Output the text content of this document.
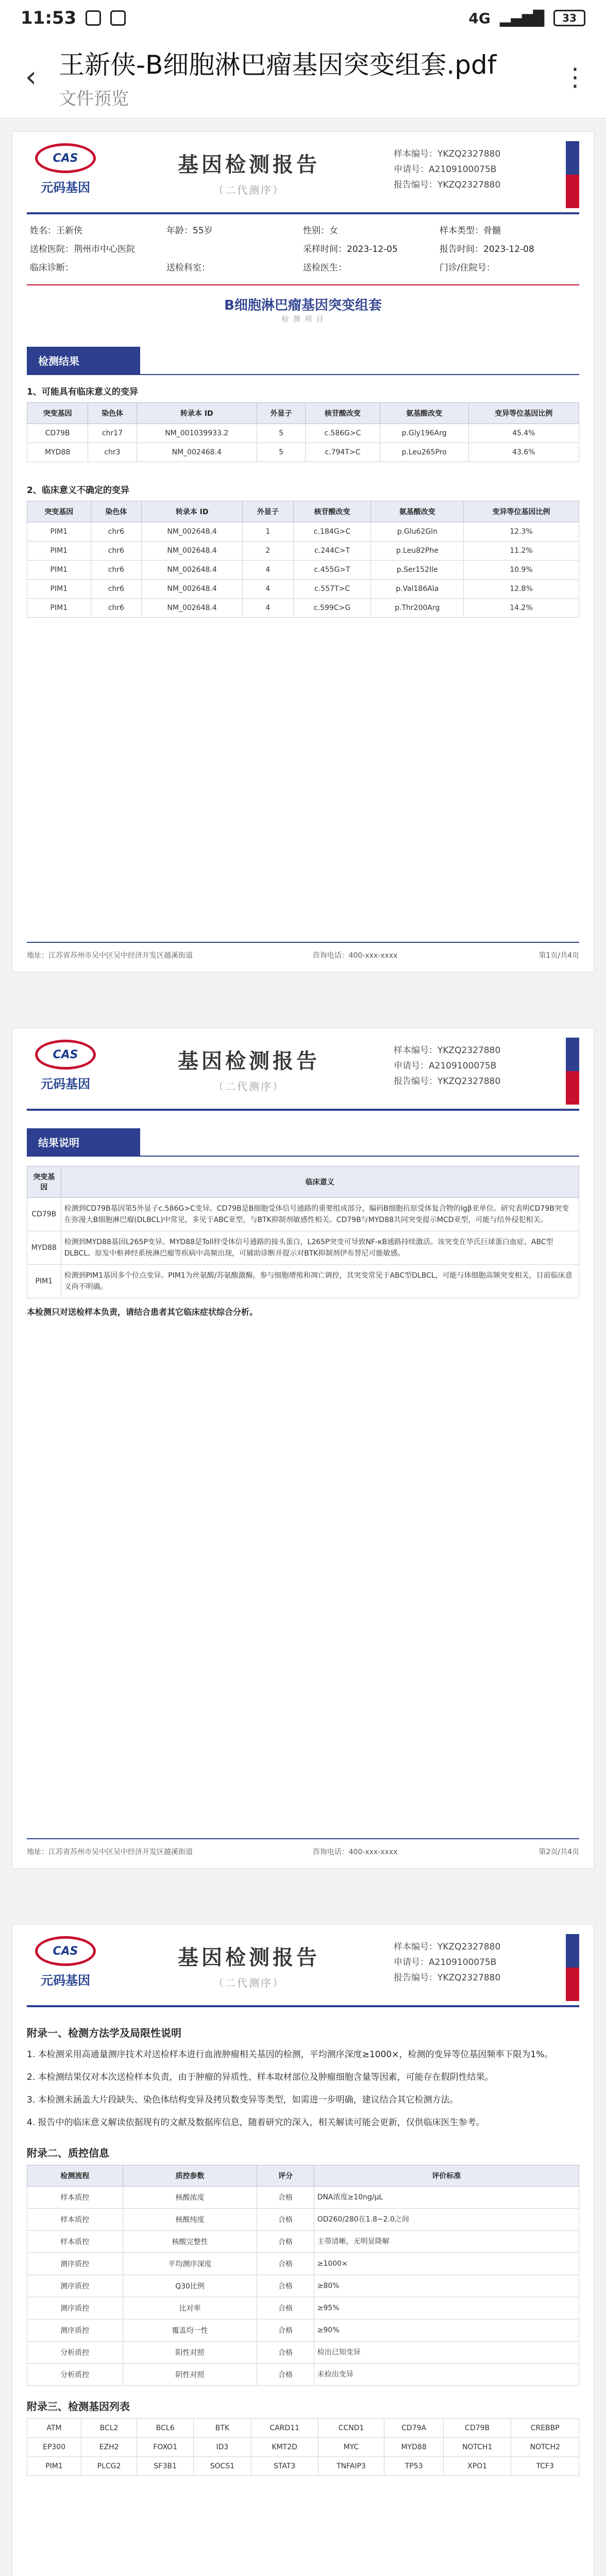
11:53	4G ▂▄▆█ 33
‹ 王新侠-B细胞淋巴瘤基因突变组套.pdf
文件预览
⋮
CAS
元码基因
基因检测报告
（二代测序）
样本编号：YKZQ2327880
申请号：A2109100075B
报告编号：YKZQ2327880
姓名：王新侠	年龄：55岁	性别：女	样本类型：骨髓
送检医院：荆州市中心医院	采样时间：2023-12-05	报告时间：2023-12-08
临床诊断：	送检科室：	送检医生：	门诊/住院号：
B细胞淋巴瘤基因突变组套
检 测 项 目
检测结果
1、可能具有临床意义的变异
突变基因	染色体	转录本 ID	外显子	核苷酸改变	氨基酸改变	变异等位基因比例
CD79B	chr17	NM_001039933.2	5	c.586G>C	p.Gly196Arg	45.4%
MYD88	chr3	NM_002468.4	5	c.794T>C	p.Leu265Pro	43.6%
2、临床意义不确定的变异
突变基因	染色体	转录本 ID	外显子	核苷酸改变	氨基酸改变	变异等位基因比例
PIM1	chr6	NM_002648.4	1	c.184G>C	p.Glu62Gln	12.3%
PIM1	chr6	NM_002648.4	2	c.244C>T	p.Leu82Phe	11.2%
PIM1	chr6	NM_002648.4	4	c.455G>T	p.Ser152Ile	10.9%
PIM1	chr6	NM_002648.4	4	c.557T>C	p.Val186Ala	12.8%
PIM1	chr6	NM_002648.4	4	c.599C>G	p.Thr200Arg	14.2%
地址：江苏省苏州市吴中区吴中经济开发区越溪街道	咨询电话：400-xxx-xxxx	第1页/共4页
CAS
元码基因
基因检测报告
（二代测序）
样本编号：YKZQ2327880
申请号：A2109100075B
报告编号：YKZQ2327880
结果说明
突变基因	临床意义
CD79B	检测到CD79B基因第5外显子c.586G>C变异。CD79B是B细胞受体信号通路的重要组成部分，编码B细胞抗原受体复合物的Igβ亚单位。研究表明CD79B突变在弥漫大B细胞淋巴瘤(DLBCL)中常见，多见于ABC亚型，与BTK抑制剂敏感性相关。CD79B与MYD88共同突变提示MCD亚型，可能与结外侵犯相关。
MYD88	检测到MYD88基因L265P变异。MYD88是Toll样受体信号通路的接头蛋白，L265P突变可导致NF-κB通路持续激活。该突变在华氏巨球蛋白血症、ABC型DLBCL、原发中枢神经系统淋巴瘤等疾病中高频出现，可辅助诊断并提示对BTK抑制剂伊布替尼可能敏感。
PIM1	检测到PIM1基因多个位点变异。PIM1为丝氨酸/苏氨酸激酶，参与细胞增殖和凋亡调控，其突变常见于ABC型DLBCL，可能与体细胞高频突变相关，目前临床意义尚不明确。
本检测只对送检样本负责，请结合患者其它临床症状综合分析。
地址：江苏省苏州市吴中区吴中经济开发区越溪街道	咨询电话：400-xxx-xxxx	第2页/共4页
CAS
元码基因
基因检测报告
（二代测序）
样本编号：YKZQ2327880
申请号：A2109100075B
报告编号：YKZQ2327880
附录一、检测方法学及局限性说明

1. 本检测采用高通量测序技术对送检样本进行血液肿瘤相关基因的检测，平均测序深度≥1000×，检测的变异等位基因频率下限为1%。

2. 本检测结果仅对本次送检样本负责，由于肿瘤的异质性、样本取材部位及肿瘤细胞含量等因素，可能存在假阴性结果。

3. 本检测未涵盖大片段缺失、染色体结构变异及拷贝数变异等类型，如需进一步明确，建议结合其它检测方法。

4. 报告中的临床意义解读依据现有的文献及数据库信息，随着研究的深入，相关解读可能会更新，仅供临床医生参考。

附录二、质控信息
检测流程	质控参数	评分	评价标准
样本质控	核酸浓度	合格	DNA浓度≥10ng/μL
样本质控	核酸纯度	合格	OD260/280在1.8~2.0之间
样本质控	核酸完整性	合格	主带清晰，无明显降解
测序质控	平均测序深度	合格	≥1000×
测序质控	Q30比例	合格	≥80%
测序质控	比对率	合格	≥95%
测序质控	覆盖均一性	合格	≥90%
分析质控	阳性对照	合格	检出已知变异
分析质控	阴性对照	合格	未检出变异
附录三、检测基因列表
ATM	BCL2	BCL6	BTK	CARD11	CCND1	CD79A	CD79B	CREBBP
EP300	EZH2	FOXO1	ID3	KMT2D	MYC	MYD88	NOTCH1	NOTCH2
PIM1	PLCG2	SF3B1	SOCS1	STAT3	TNFAIP3	TP53	XPO1	TCF3
